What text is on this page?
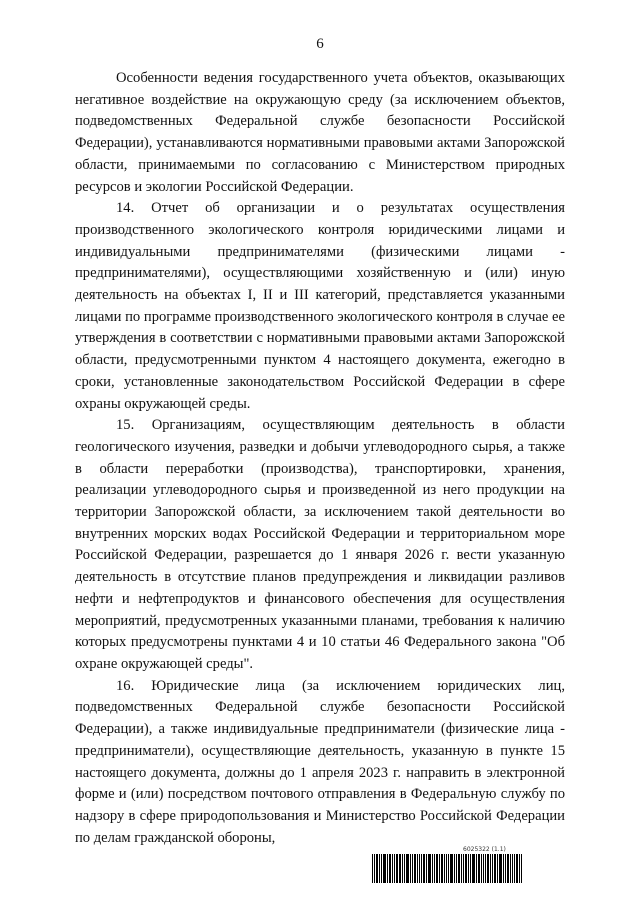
6

Особенности ведения государственного учета объектов, оказывающих негативное воздействие на окружающую среду (за исключением объектов, подведомственных Федеральной службе безопасности Российской Федерации), устанавливаются нормативными правовыми актами Запорожской области, принимаемыми по согласованию с Министерством природных ресурсов и экологии Российской Федерации.

14. Отчет об организации и о результатах осуществления производственного экологического контроля юридическими лицами и индивидуальными предпринимателями (физическими лицами - предпринимателями), осуществляющими хозяйственную и (или) иную деятельность на объектах I, II и III категорий, представляется указанными лицами по программе производственного экологического контроля в случае ее утверждения в соответствии с нормативными правовыми актами Запорожской области, предусмотренными пунктом 4 настоящего документа, ежегодно в сроки, установленные законодательством Российской Федерации в сфере охраны окружающей среды.

15. Организациям, осуществляющим деятельность в области геологического изучения, разведки и добычи углеводородного сырья, а также в области переработки (производства), транспортировки, хранения, реализации углеводородного сырья и произведенной из него продукции на территории Запорожской области, за исключением такой деятельности во внутренних морских водах Российской Федерации и территориальном море Российской Федерации, разрешается до 1 января 2026 г. вести указанную деятельность в отсутствие планов предупреждения и ликвидации разливов нефти и нефтепродуктов и финансового обеспечения для осуществления мероприятий, предусмотренных указанными планами, требования к наличию которых предусмотрены пунктами 4 и 10 статьи 46 Федерального закона "Об охране окружающей среды".

16. Юридические лица (за исключением юридических лиц, подведомственных Федеральной службе безопасности Российской Федерации), а также индивидуальные предприниматели (физические лица - предприниматели), осуществляющие деятельность, указанную в пункте 15 настоящего документа, должны до 1 апреля 2023 г. направить в электронной форме и (или) посредством почтового отправления в Федеральную службу по надзору в сфере природопользования и Министерство Российской Федерации по делам гражданской обороны,

6025322 (1.1)
